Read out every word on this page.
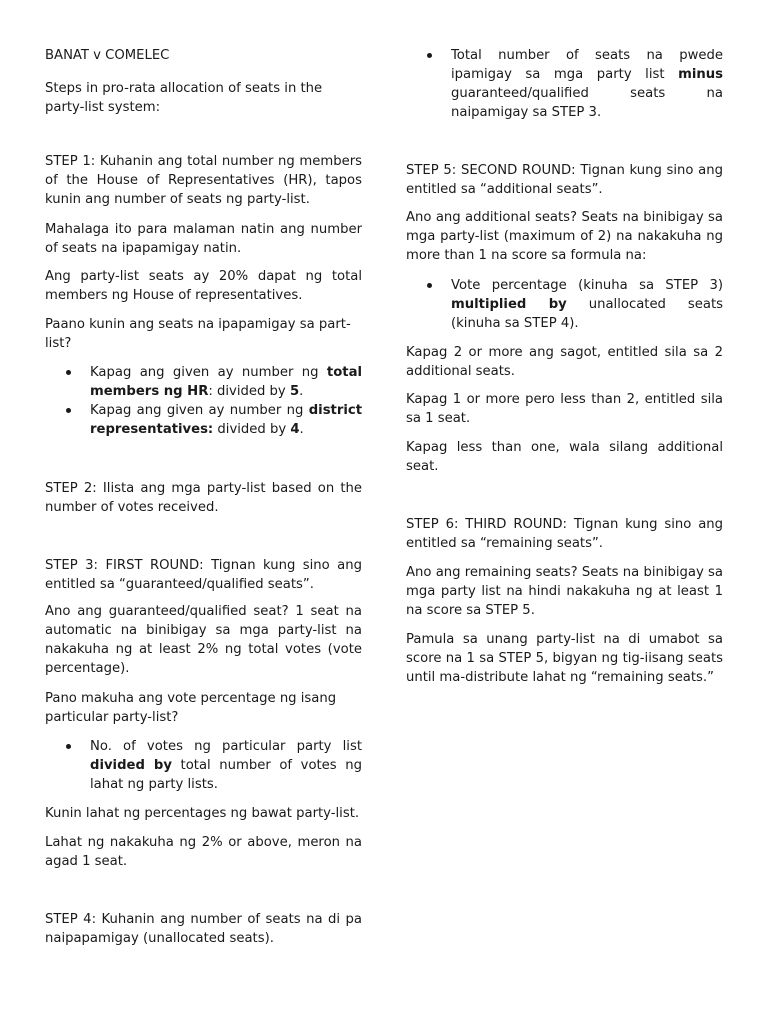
BANAT v COMELEC

Steps in pro-rata allocation of seats in the party-list system:

STEP 1: Kuhanin ang total number ng members of the House of Representatives (HR), tapos kunin ang number of seats ng party-list.

Mahalaga ito para malaman natin ang number of seats na ipapamigay natin.

Ang party-list seats ay 20% dapat ng total members ng House of representatives.

Paano kunin ang seats na ipapamigay sa part-list?

Kapag ang given ay number ng total members ng HR: divided by 5.
Kapag ang given ay number ng district representatives: divided by 4.

STEP 2: Ilista ang mga party-list based on the number of votes received.

STEP 3: FIRST ROUND: Tignan kung sino ang entitled sa “guaranteed/qualified seats”.

Ano ang guaranteed/qualified seat? 1 seat na automatic na binibigay sa mga party-list na nakakuha ng at least 2% ng total votes (vote percentage).

Pano makuha ang vote percentage ng isang particular party-list?

No. of votes ng particular party list divided by total number of votes ng lahat ng party lists.

Kunin lahat ng percentages ng bawat party-list.

Lahat ng nakakuha ng 2% or above, meron na agad 1 seat.

STEP 4: Kuhanin ang number of seats na di pa naipapamigay (unallocated seats).

Total number of seats na pwede ipamigay sa mga party list minus guaranteed/qualified seats na naipamigay sa STEP 3.

STEP 5: SECOND ROUND: Tignan kung sino ang entitled sa “additional seats”.

Ano ang additional seats? Seats na binibigay sa mga party-list (maximum of 2) na nakakuha ng more than 1 na score sa formula na:

Vote percentage (kinuha sa STEP 3) multiplied by unallocated seats (kinuha sa STEP 4).

Kapag 2 or more ang sagot, entitled sila sa 2 additional seats.

Kapag 1 or more pero less than 2, entitled sila sa 1 seat.

Kapag less than one, wala silang additional seat.

STEP 6: THIRD ROUND: Tignan kung sino ang entitled sa “remaining seats”.

Ano ang remaining seats? Seats na binibigay sa mga party list na hindi nakakuha ng at least 1 na score sa STEP 5.

Pamula sa unang party-list na di umabot sa score na 1 sa STEP 5, bigyan ng tig-iisang seats until ma-distribute lahat ng “remaining seats.”
